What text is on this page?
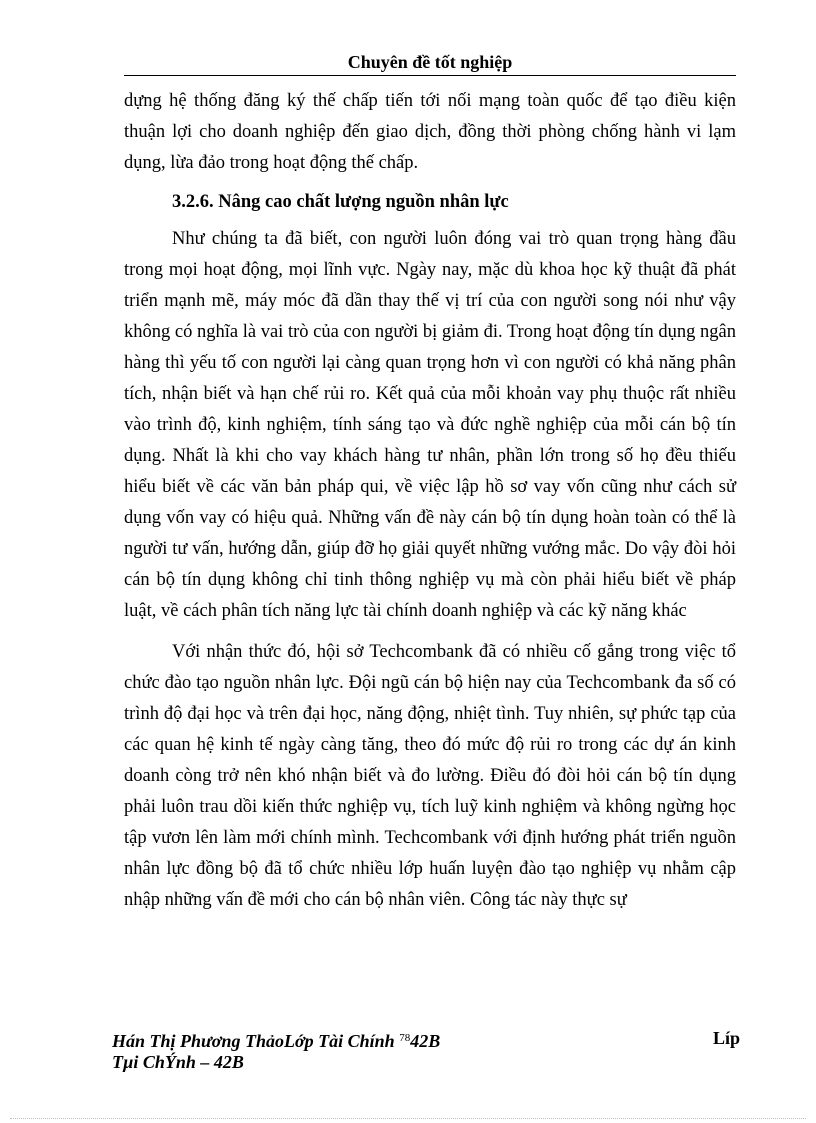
Chuyên đề tốt nghiệp

dựng hệ thống đăng ký thế chấp tiến tới nối mạng toàn quốc để tạo điều kiện thuận lợi cho doanh nghiệp đến giao dịch, đồng thời phòng chống hành vi lạm dụng, lừa đảo trong hoạt động thế chấp.

3.2.6. Nâng cao chất lượng nguồn nhân lực

Như chúng ta đã biết, con người luôn đóng vai trò quan trọng hàng đầu trong mọi hoạt động, mọi lĩnh vực. Ngày nay, mặc dù khoa học kỹ thuật đã phát triển mạnh mẽ, máy móc đã dần thay thế vị trí của con người song nói như vậy không có nghĩa là vai trò của con người bị giảm đi. Trong hoạt động tín dụng ngân hàng thì yếu tố con người lại càng quan trọng hơn vì con người có khả năng phân tích, nhận biết và hạn chế rủi ro. Kết quả của mỗi khoản vay phụ thuộc rất nhiều vào trình độ, kinh nghiệm, tính sáng tạo và đức nghề nghiệp của mỗi cán bộ tín dụng. Nhất là khi cho vay khách hàng tư nhân, phần lớn trong số họ đều thiếu hiểu biết về các văn bản pháp qui, về việc lập hồ sơ vay vốn cũng như cách sử dụng vốn vay có hiệu quả. Những vấn đề này cán bộ tín dụng hoàn toàn có thể là người tư vấn, hướng dẫn, giúp đỡ họ giải quyết những vướng mắc. Do vậy đòi hỏi cán bộ tín dụng không chỉ tinh thông nghiệp vụ mà còn phải hiểu biết về pháp luật, về cách phân tích năng lực tài chính doanh nghiệp và các kỹ năng khác

Với nhận thức đó, hội sở Techcombank đã có nhiều cố gắng trong việc tổ chức đào tạo nguồn nhân lực. Đội ngũ cán bộ hiện nay của Techcombank đa số có trình độ đại học và trên đại học, năng động, nhiệt tình. Tuy nhiên, sự phức tạp của các quan hệ kinh tế ngày càng tăng, theo đó mức độ rủi ro trong các dự án kinh doanh còng trở nên khó nhận biết và đo lường. Điều đó đòi hỏi cán bộ tín dụng phải luôn trau dồi kiến thức nghiệp vụ, tích luỹ kinh nghiệm và không ngừng học tập vươn lên làm mới chính mình. Techcombank với định hướng phát triển nguồn nhân lực đồng bộ đã tổ chức nhiều lớp huấn luyện đào tạo nghiệp vụ nhằm cập nhập những vấn đề mới cho cán bộ nhân viên. Công tác này thực sự

Hán Thị Phương ThảoLớp Tài Chính $^{78}$42B	Líp
Tµi ChÝnh – 42B
